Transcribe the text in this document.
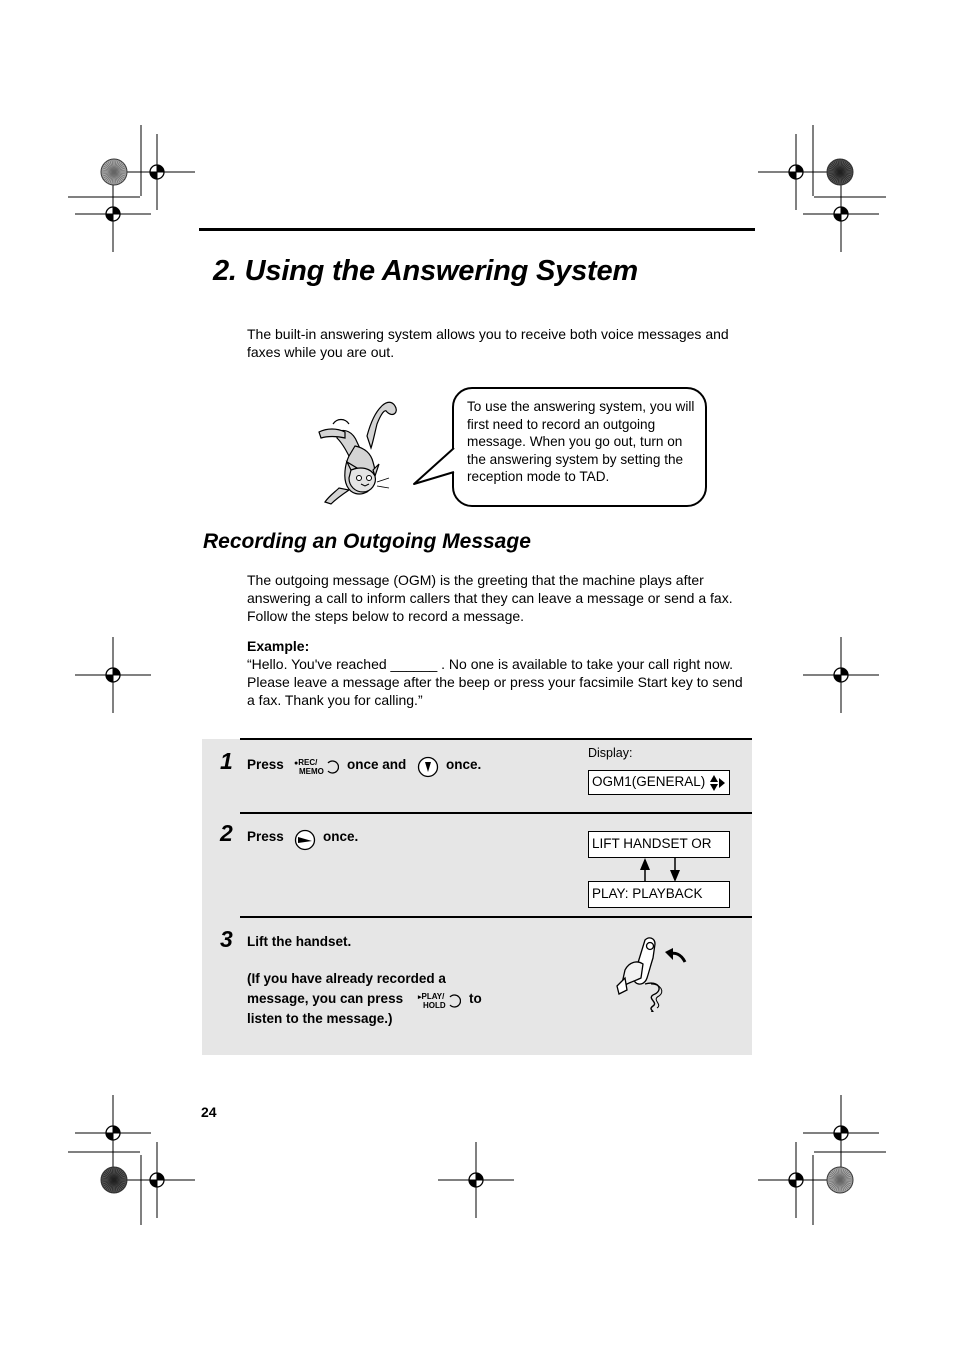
2. Using the Answering System
The built-in answering system allows you to receive both voice messages and faxes while you are out.
To use the answering system, you will first need to record an outgoing message. When you go out, turn on the answering system by setting the reception mode to TAD.
Recording an Outgoing Message
The outgoing message (OGM) is the greeting that the machine plays after answering a call to inform callers that they can leave a message or send a fax. Follow the steps below to record a message.
Example:
“Hello. You've reached ______ . No one is available to take your call right now. Please leave a message after the beep or press your facsimile Start key to send a fax. Thank you for calling.”
1 Press ●REC/
MEMO once and	once.
Display:
OGM1(GENERAL)
2 Press	once.	LIFT HANDSET OR
PLAY: PLAYBACK
3 Lift the handset.
(If you have already recorded a
message, you can press ▸PLAY/
HOLD to
listen to the message.)
24
